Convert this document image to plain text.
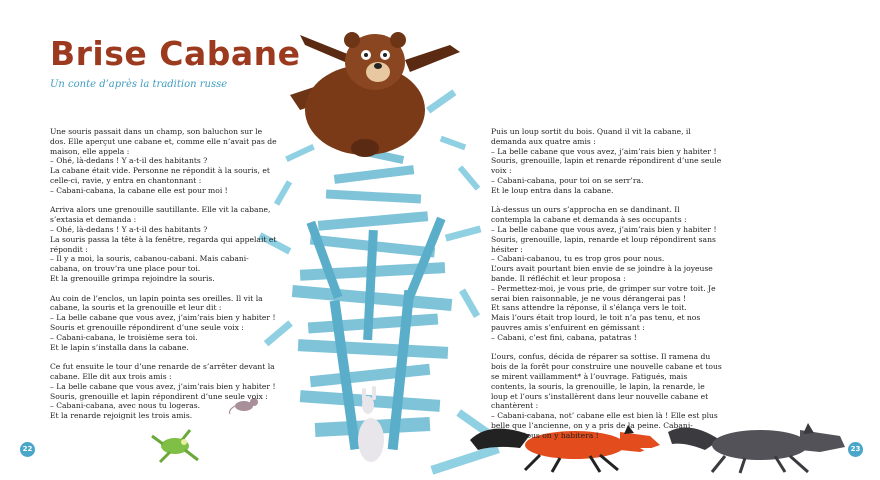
Brise Cabane

Un conte d’après la tradition russe

Une souris passait dans un champ, son baluchon sur le dos. Elle aperçut une cabane et, comme elle n’avait pas de maison, elle appela :
– Ohé, là-dedans ! Y a-t-il des habitants ?
La cabane était vide. Personne ne répondit à la souris, et celle-ci, ravie, y entra en chantonnant :
– Cabani-cabana, la cabane elle est pour moi !

Arriva alors une grenouille sautillante. Elle vit la cabane, s’extasia et demanda :
– Ohé, là-dedans ! Y a-t-il des habitants ?
La souris passa la tête à la fenêtre, regarda qui appelait et répondit :
– Il y a moi, la souris, cabanou-cabani. Mais cabani-cabana, on trouv’ra une place pour toi.
Et la grenouille grimpa rejoindre la souris.

Au coin de l’enclos, un lapin pointa ses oreilles. Il vit la cabane, la souris et la grenouille et leur dit :
– La belle cabane que vous avez, j’aim’rais bien y habiter !
Souris et grenouille répondirent d’une seule voix :
– Cabani-cabana, le troisième sera toi.
Et le lapin s’installa dans la cabane.

Ce fut ensuite le tour d’une renarde de s’arrêter devant la cabane. Elle dit aux trois amis :
– La belle cabane que vous avez, j’aim’rais bien y habiter !
Souris, grenouille et lapin répondirent d’une seule voix :
– Cabani-cabana, avec nous tu logeras.
Et la renarde rejoignit les trois amis.

Puis un loup sortit du bois. Quand il vit la cabane, il demanda aux quatre amis :
– La belle cabane que vous avez, j’aim’rais bien y habiter !
Souris, grenouille, lapin et renarde répondirent d’une seule voix :
– Cabani-cabana, pour toi on se serr’ra.
Et le loup entra dans la cabane.

Là-dessus un ours s’approcha en se dandinant. Il contempla la cabane et demanda à ses occupants :
– La belle cabane que vous avez, j’aim’rais bien y habiter !
Souris, grenouille, lapin, renarde et loup répondirent sans hésiter :
– Cabani-cabanou, tu es trop gros pour nous.
L’ours avait pourtant bien envie de se joindre à la joyeuse bande. Il réfléchit et leur proposa :
– Permettez-moi, je vous prie, de grimper sur votre toit. Je serai bien raisonnable, je ne vous dérangerai pas !
Et sans attendre la réponse, il s’élança vers le toit.
Mais l’ours était trop lourd, le toit n’a pas tenu, et nos pauvres amis s’enfuirent en gémissant :
– Cabani, c’est fini, cabana, patatras !

L’ours, confus, décida de réparer sa sottise. Il ramena du bois de la forêt pour construire une nouvelle cabane et tous se mirent vaillamment* à l’ouvrage. Fatigués, mais contents, la souris, la grenouille, le lapin, la renarde, le loup et l’ours s’installèrent dans leur nouvelle cabane et chantèrent :
– Cabani-cabana, not’ cabane elle est bien là ! Elle est plus belle que l’ancienne, on y a pris de la peine. Cabani-cabana, tous on y habitera !

22	23
